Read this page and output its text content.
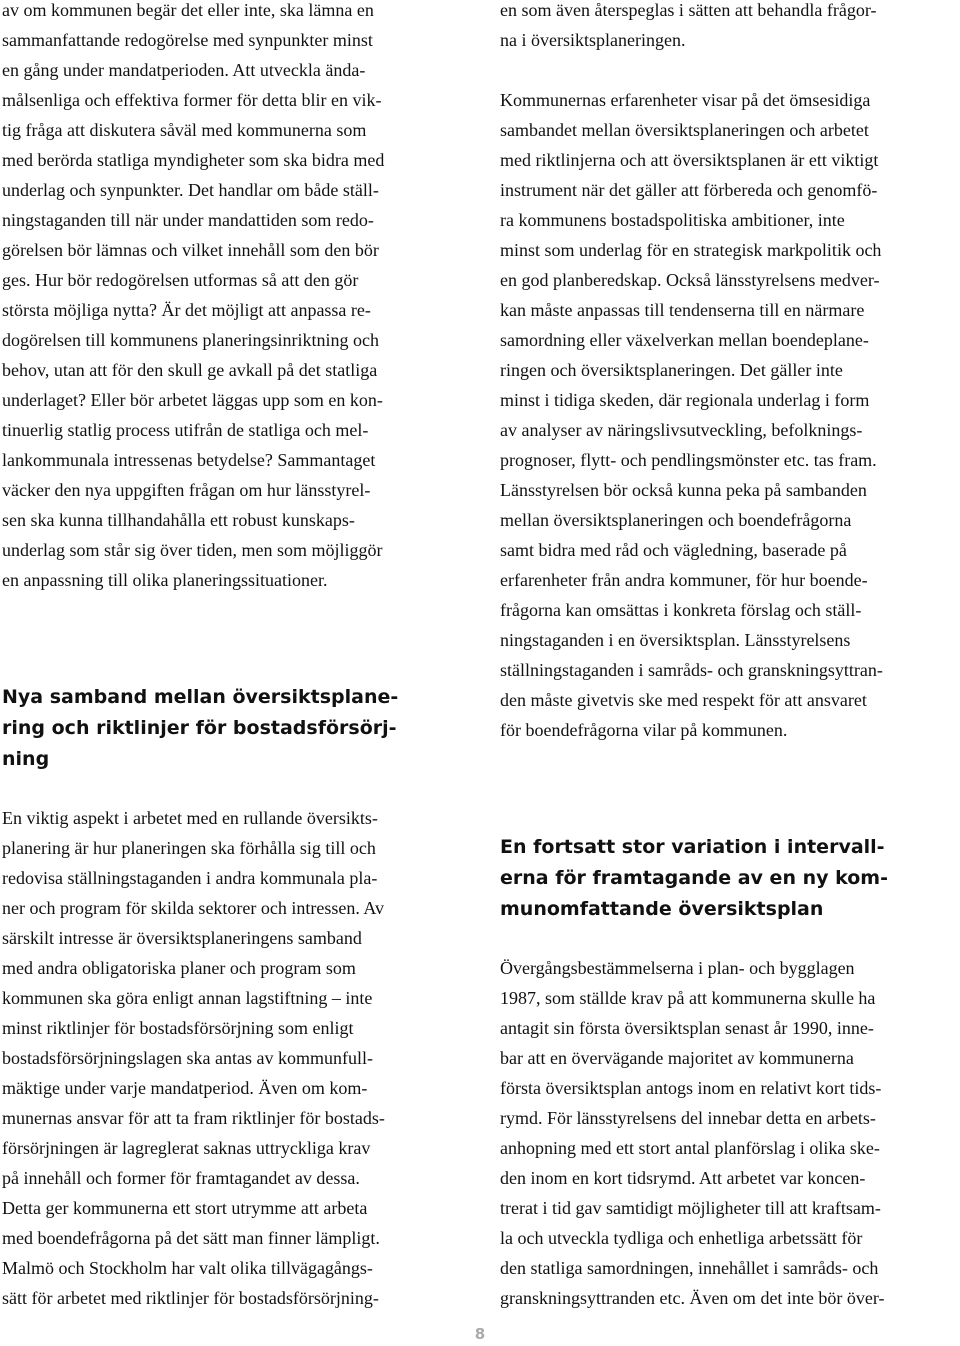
av om kommunen begär det eller inte, ska lämna en
sammanfattande redogörelse med synpunkter minst
en gång under mandatperioden. Att utveckla ända-
målsenliga och effektiva former för detta blir en vik-
tig fråga att diskutera såväl med kommunerna som
med berörda statliga myndigheter som ska bidra med
underlag och synpunkter. Det handlar om både ställ-
ningstaganden till när under mandattiden som redo-
görelsen bör lämnas och vilket innehåll som den bör
ges. Hur bör redogörelsen utformas så att den gör
största möjliga nytta? Är det möjligt att anpassa re-
dogörelsen till kommunens planeringsinriktning och
behov, utan att för den skull ge avkall på det statliga
underlaget? Eller bör arbetet läggas upp som en kon-
tinuerlig statlig process utifrån de statliga och mel-
lankommunala intressenas betydelse? Sammantaget
väcker den nya uppgiften frågan om hur länsstyrel-
sen ska kunna tillhandahålla ett robust kunskaps-
underlag som står sig över tiden, men som möjliggör
en anpassning till olika planeringssituationer.

Nya samband mellan översiktsplane-
ring och riktlinjer för bostadsförsörj-
ning

En viktig aspekt i arbetet med en rullande översikts-
planering är hur planeringen ska förhålla sig till och
redovisa ställningstaganden i andra kommunala pla-
ner och program för skilda sektorer och intressen. Av
särskilt intresse är översiktsplaneringens samband
med andra obligatoriska planer och program som
kommunen ska göra enligt annan lagstiftning – inte
minst riktlinjer för bostadsförsörjning som enligt
bostadsförsörjningslagen ska antas av kommunfull-
mäktige under varje mandatperiod. Även om kom-
munernas ansvar för att ta fram riktlinjer för bostads-
försörjningen är lagreglerat saknas uttryckliga krav
på innehåll och former för framtagandet av dessa.
Detta ger kommunerna ett stort utrymme att arbeta
med boendefrågorna på det sätt man finner lämpligt.
Malmö och Stockholm har valt olika tillvägagångs-
sätt för arbetet med riktlinjer för bostadsförsörjning-

en som även återspeglas i sätten att behandla frågor-
na i översiktsplaneringen.

Kommunernas erfarenheter visar på det ömsesidiga
sambandet mellan översiktsplaneringen och arbetet
med riktlinjerna och att översiktsplanen är ett viktigt
instrument när det gäller att förbereda och genomfö-
ra kommunens bostadspolitiska ambitioner, inte
minst som underlag för en strategisk markpolitik och
en god planberedskap. Också länsstyrelsens medver-
kan måste anpassas till tendenserna till en närmare
samordning eller växelverkan mellan boendeplane-
ringen och översiktsplaneringen. Det gäller inte
minst i tidiga skeden, där regionala underlag i form
av analyser av näringslivsutveckling, befolknings-
prognoser, flytt- och pendlingsmönster etc. tas fram.
Länsstyrelsen bör också kunna peka på sambanden
mellan översiktsplaneringen och boendefrågorna
samt bidra med råd och vägledning, baserade på
erfarenheter från andra kommuner, för hur boende-
frågorna kan omsättas i konkreta förslag och ställ-
ningstaganden i en översiktsplan. Länsstyrelsens
ställningstaganden i samråds- och granskningsyttran-
den måste givetvis ske med respekt för att ansvaret
för boendefrågorna vilar på kommunen.

En fortsatt stor variation i intervall-
erna för framtagande av en ny kom-
munomfattande översiktsplan

Övergångsbestämmelserna i plan- och bygglagen
1987, som ställde krav på att kommunerna skulle ha
antagit sin första översiktsplan senast år 1990, inne-
bar att en övervägande majoritet av kommunerna
första översiktsplan antogs inom en relativt kort tids-
rymd. För länsstyrelsens del innebar detta en arbets-
anhopning med ett stort antal planförslag i olika ske-
den inom en kort tidsrymd. Att arbetet var koncen-
trerat i tid gav samtidigt möjligheter till att kraftsam-
la och utveckla tydliga och enhetliga arbetssätt för
den statliga samordningen, innehållet i samråds- och
granskningsyttranden etc. Även om det inte bör över-

8
